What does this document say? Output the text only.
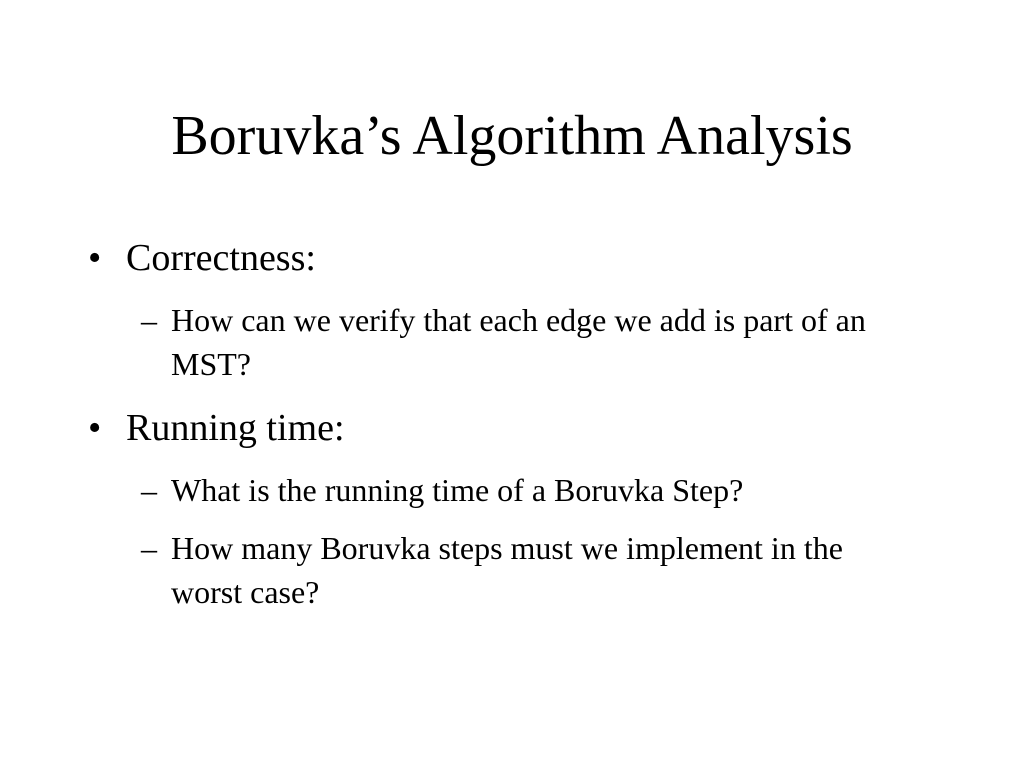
Boruvka’s Algorithm Analysis
• Correctness:
– How can we verify that each edge we add is part of an MST?
• Running time:
– What is the running time of a Boruvka Step?
– How many Boruvka steps must we implement in the worst case?
